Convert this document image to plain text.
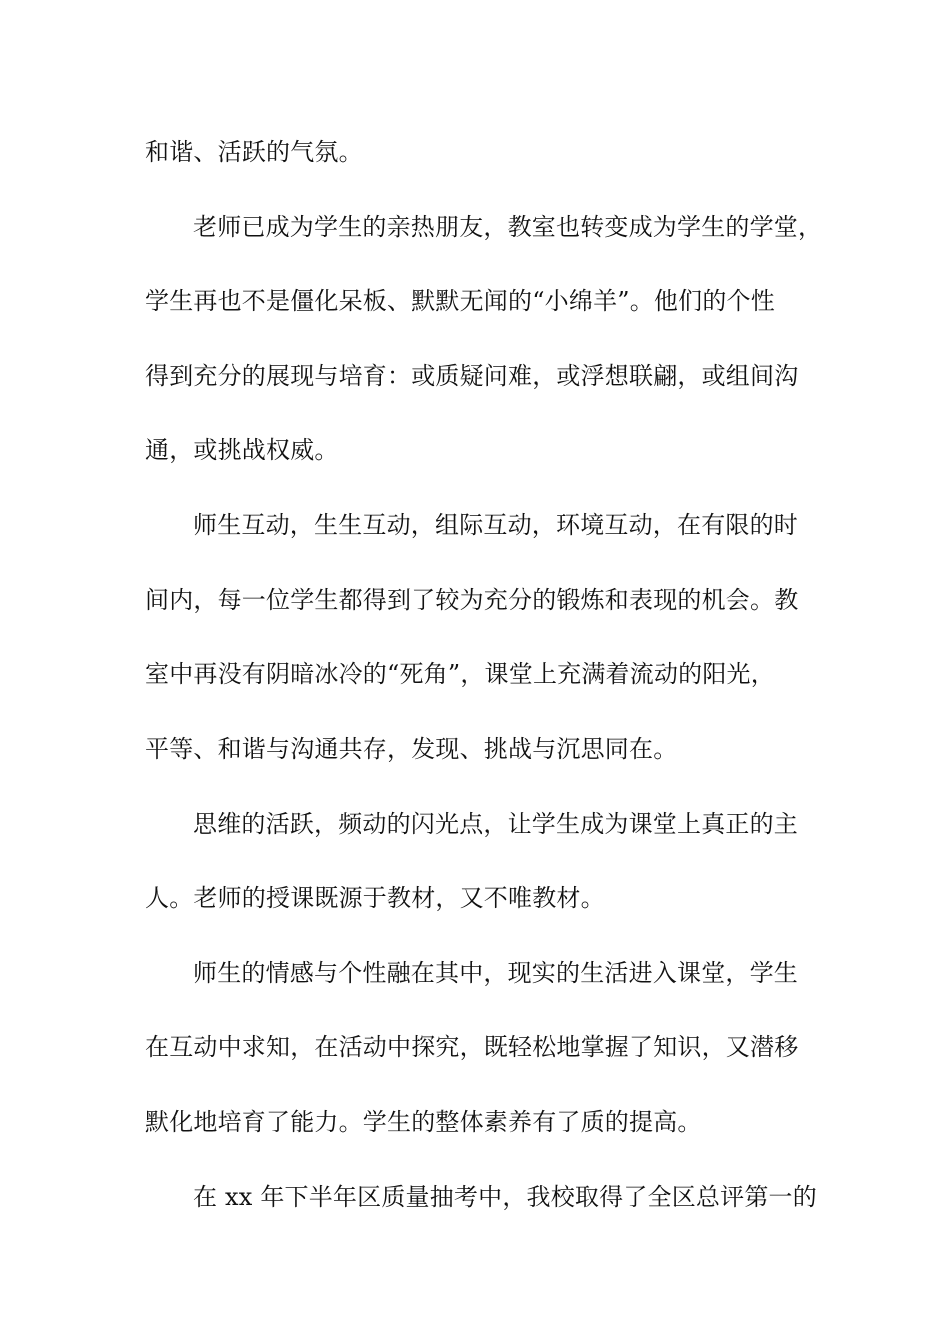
和谐、活跃的气氛。
老师已成为学生的亲热朋友，教室也转变成为学生的学堂，
学生再也不是僵化呆板、默默无闻的“小绵羊”。他们的个性
得到充分的展现与培育：或质疑问难，或浮想联翩，或组间沟
通，或挑战权威。
师生互动，生生互动，组际互动，环境互动，在有限的时
间内，每一位学生都得到了较为充分的锻炼和表现的机会。教
室中再没有阴暗冰冷的“死角”，课堂上充满着流动的阳光，
平等、和谐与沟通共存，发现、挑战与沉思同在。
思维的活跃，频动的闪光点，让学生成为课堂上真正的主
人。老师的授课既源于教材，又不唯教材。
师生的情感与个性融在其中，现实的生活进入课堂，学生
在互动中求知，在活动中探究，既轻松地掌握了知识，又潜移
默化地培育了能力。学生的整体素养有了质的提高。
在 xx 年下半年区质量抽考中，我校取得了全区总评第一的
